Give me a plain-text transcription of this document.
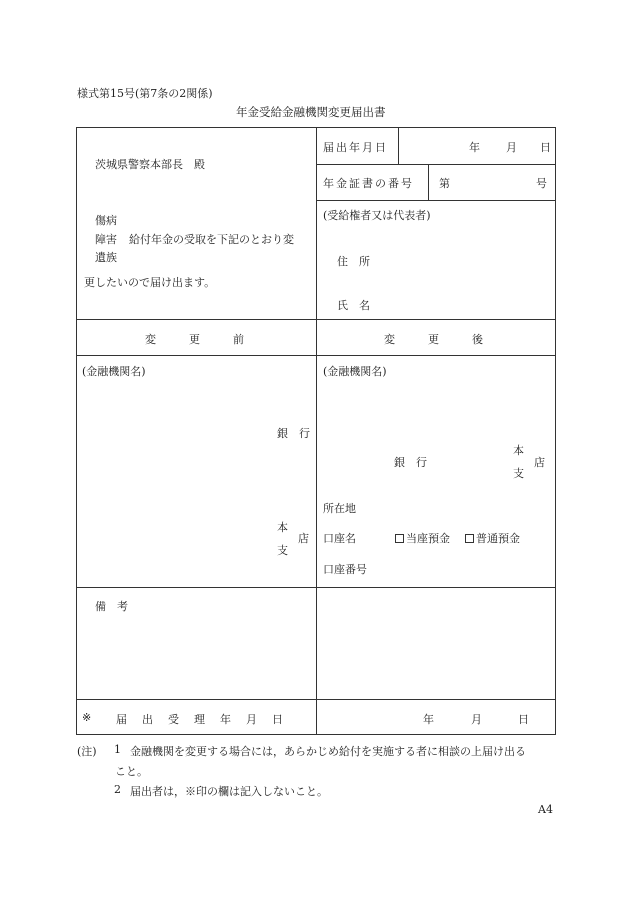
様式第15号(第7条の2関係)
年金受給金融機関変更届出書
茨城県警察本部長　殿
傷病
障害 給付年金の受取を下記のとおり変
遺族
更したいので届け出ます。
届出年月日	年 月 日
年金証書の番号 第	号
(受給権者又は代表者)
住　所
氏　名
変　　　更　　　前	変　　　更　　　後
(金融機関名)
銀　行
本
支
店
(金融機関名)
銀　行
本
支
店
所在地
口座名	当座預金	普通預金
口座番号
備　考
※ 届　出　受　理　年　月　日	年	月	日
(注) 1 金融機関を変更する場合には，あらかじめ給付を実施する者に相談の上届け出る
こと。
2 届出者は，※印の欄は記入しないこと。
A4
